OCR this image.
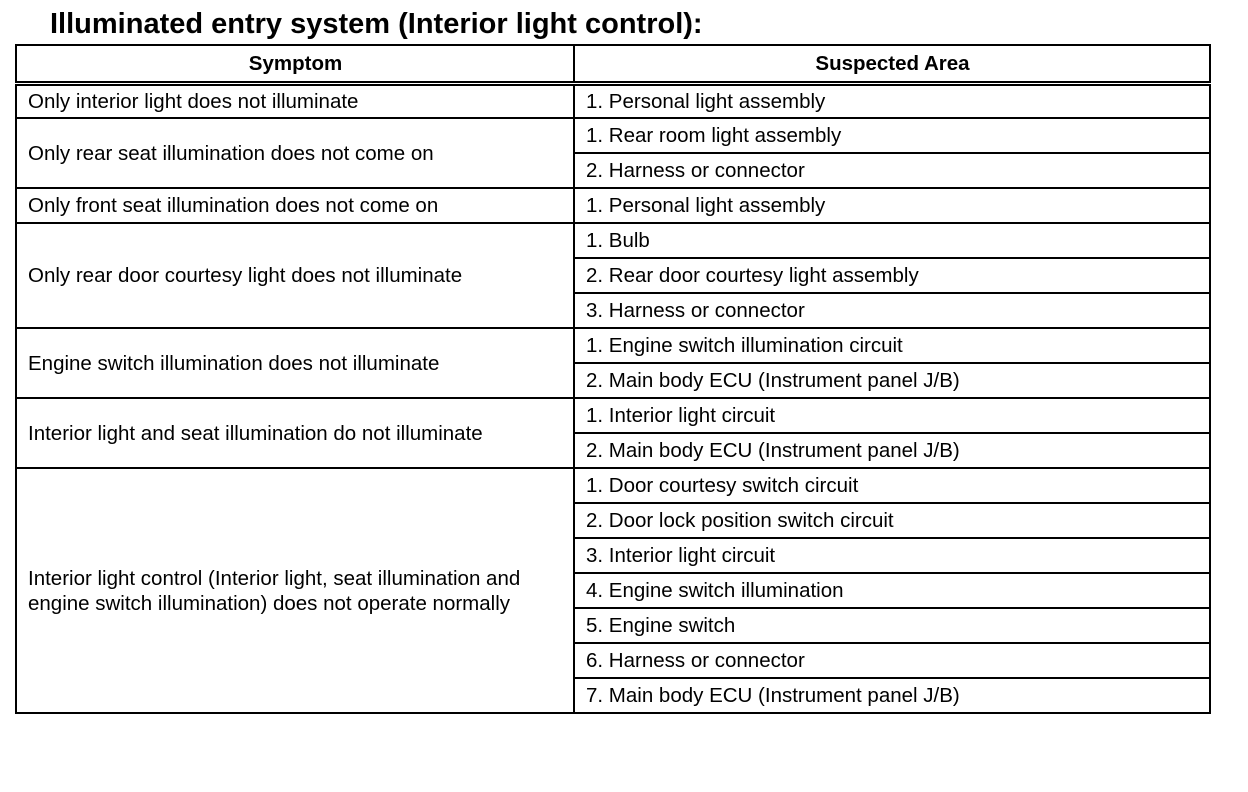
Illuminated entry system (Interior light control):
Symptom	Suspected Area
Only interior light does not illuminate	1. Personal light assembly
Only rear seat illumination does not come on	1. Rear room light assembly
	2. Harness or connector
Only front seat illumination does not come on	1. Personal light assembly
Only rear door courtesy light does not illuminate	1. Bulb
	2. Rear door courtesy light assembly
	3. Harness or connector
Engine switch illumination does not illuminate	1. Engine switch illumination circuit
	2. Main body ECU (Instrument panel J/B)
Interior light and seat illumination do not illuminate	1. Interior light circuit
	2. Main body ECU (Instrument panel J/B)
Interior light control (Interior light, seat illumination and engine switch illumination) does not operate normally	1. Door courtesy switch circuit
	2. Door lock position switch circuit
	3. Interior light circuit
	4. Engine switch illumination
	5. Engine switch
	6. Harness or connector
	7. Main body ECU (Instrument panel J/B)
